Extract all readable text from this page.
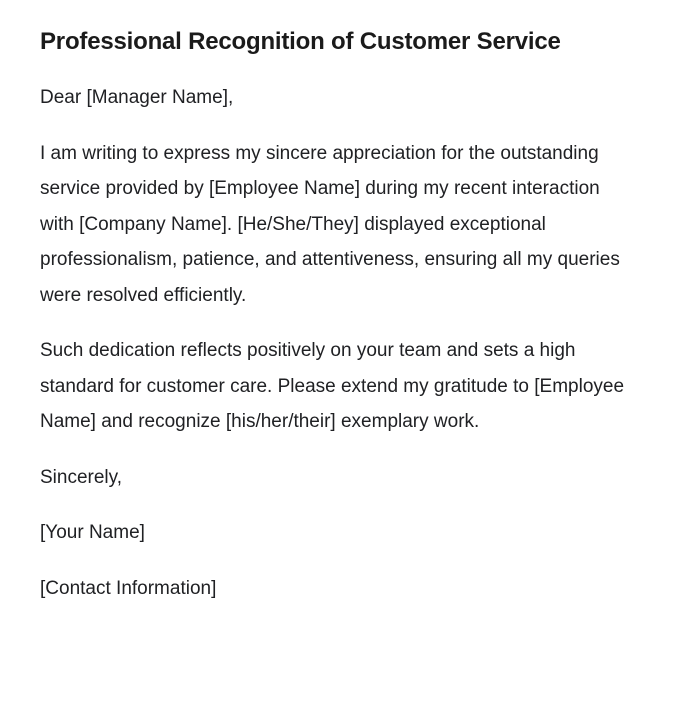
Professional Recognition of Customer Service

Dear [Manager Name],

I am writing to express my sincere appreciation for the outstanding service provided by [Employee Name] during my recent interaction with [Company Name]. [He/She/They] displayed exceptional professionalism, patience, and attentiveness, ensuring all my queries were resolved efficiently.

Such dedication reflects positively on your team and sets a high standard for customer care. Please extend my gratitude to [Employee Name] and recognize [his/her/their] exemplary work.

Sincerely,

[Your Name]

[Contact Information]
